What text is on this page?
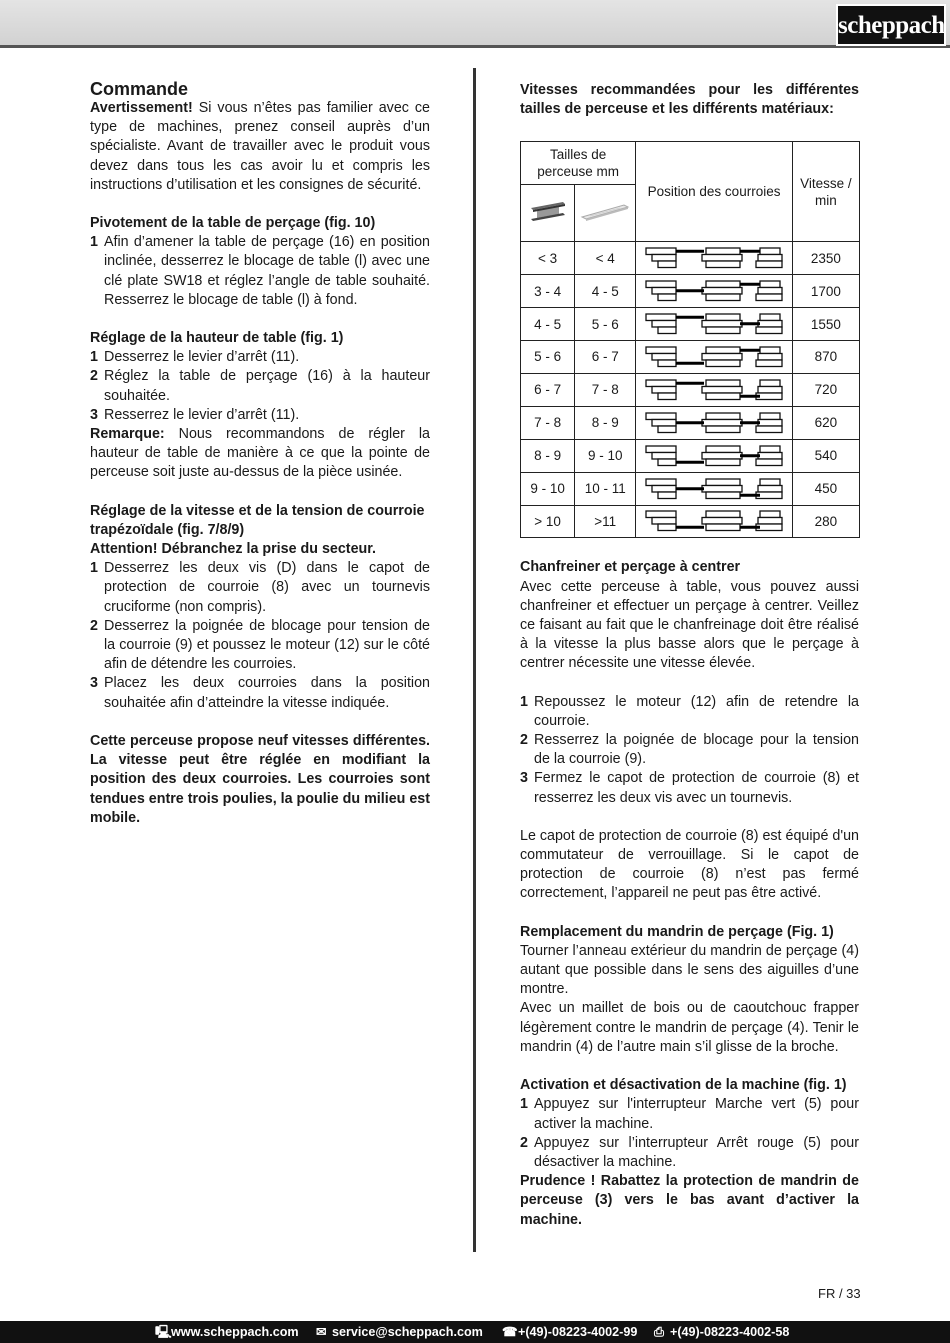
scheppach

Commande

Avertissement! Si vous n’êtes pas familier avec ce type de machines, prenez conseil auprès d’un spécialiste. Avant de travailler avec le produit vous devez dans tous les cas avoir lu et compris les instructions d’utilisation et les consignes de sécurité.

Pivotement de la table de perçage (fig. 10)

1 Afin d’amener la table de perçage (16) en position inclinée, desserrez le blocage de table (l) avec une clé plate SW18 et réglez l’angle de table souhaité. Resserrez le blocage de table (l) à fond.

Réglage de la hauteur de table (fig. 1)

1 Desserrez le levier d’arrêt (11).
2 Réglez la table de perçage (16) à la hauteur souhaitée.
3 Resserrez le levier d’arrêt (11).

Remarque: Nous recommandons de régler la hauteur de table de manière à ce que la pointe de perceuse soit juste au-dessus de la pièce usinée.

Réglage de la vitesse et de la tension de courroie trapézoïdale (fig. 7/8/9)

Attention! Débranchez la prise du secteur.

1 Desserrez les deux vis (D) dans le capot de protection de courroie (8) avec un tournevis cruciforme (non compris).
2 Desserrez la poignée de blocage pour tension de la courroie (9) et poussez le moteur (12) sur le côté afin de détendre les courroies.
3 Placez les deux courroies dans la position souhaitée afin d’atteindre la vitesse indiquée.

Cette perceuse propose neuf vitesses différentes. La vitesse peut être réglée en modifiant la position des deux courroies. Les courroies sont tendues entre trois poulies, la poulie du milieu est mobile.

Vitesses recommandées pour les différentes tailles de perceuse et les différents matériaux:

Tailles de perceuse mm		Position des courroies	Vitesse / min

< 3	< 4		2350
3 - 4	4 - 5		1700
4 - 5	5 - 6		1550
5 - 6	6 - 7		870
6 - 7	7 - 8		720
7 - 8	8 - 9		620
8 - 9	9 - 10		540
9 - 10	10 - 11		450
> 10	>11		280

Chanfreiner et perçage à centrer

Avec cette perceuse à table, vous pouvez aussi chanfreiner et effectuer un perçage à centrer. Veillez ce faisant au fait que le chanfreinage doit être réalisé à la vitesse la plus basse alors que le perçage à centrer nécessite une vitesse élevée.

1 Repoussez le moteur (12) afin de retendre la courroie.
2 Resserrez la poignée de blocage pour la tension de la courroie (9).
3 Fermez le capot de protection de courroie (8) et resserrez les deux vis avec un tournevis.

Le capot de protection de courroie (8) est équipé d'un commutateur de verrouillage. Si le capot de protection de courroie (8) n’est pas fermé correctement, l’appareil ne peut pas être activé.

Remplacement du mandrin de perçage (Fig. 1)

Tourner l’anneau extérieur du mandrin de perçage (4) autant que possible dans le sens des aiguilles d’une montre.

Avec un maillet de bois ou de caoutchouc frapper légèrement contre le mandrin de perçage (4). Tenir le mandrin (4) de l’autre main s’il glisse de la broche.

Activation et désactivation de la machine (fig. 1)

1 Appuyez sur l'interrupteur Marche vert (5) pour activer la machine.
2 Appuyez sur l’interrupteur Arrêt rouge (5) pour désactiver la machine.

Prudence ! Rabattez la protection de mandrin de perceuse (3) vers le bas avant d’activer la machine.

FR / 33
🖳 www.scheppach.com ✉ service@scheppach.com ☎ +(49)-08223-4002-99 ⎙ +(49)-08223-4002-58
